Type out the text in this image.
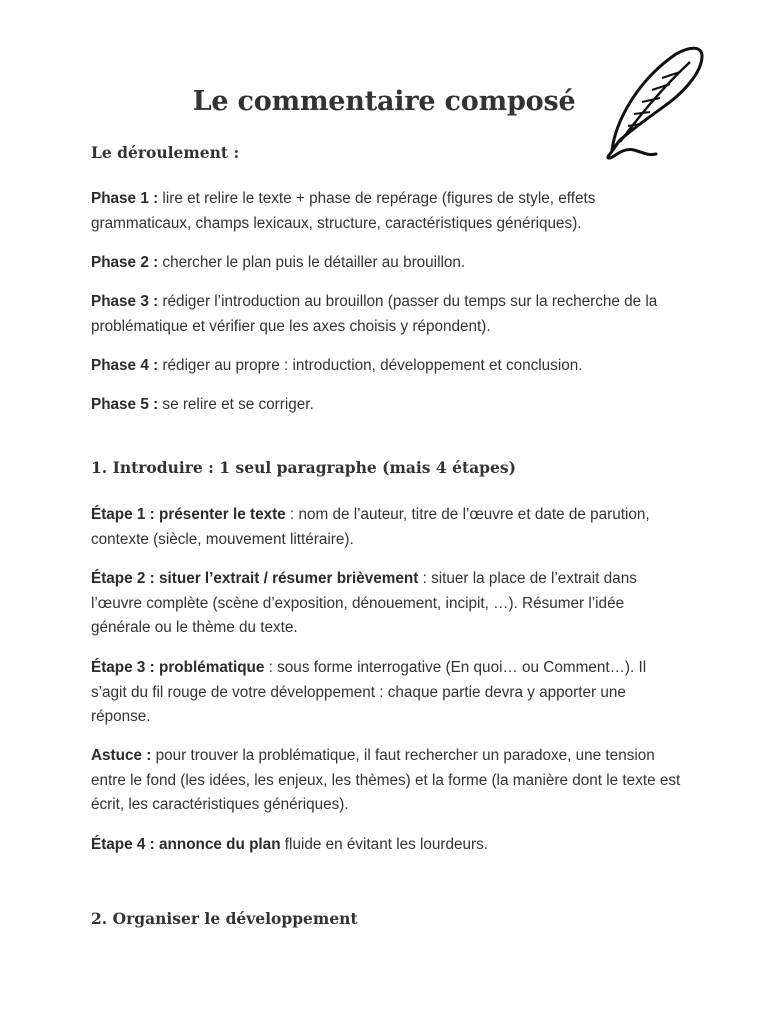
Le commentaire composé
Le déroulement :
Phase 1 : lire et relire le texte + phase de repérage (figures de style, effets grammaticaux, champs lexicaux, structure, caractéristiques génériques).
Phase 2 : chercher le plan puis le détailler au brouillon.
Phase 3 : rédiger l’introduction au brouillon (passer du temps sur la recherche de la problématique et vérifier que les axes choisis y répondent).
Phase 4 : rédiger au propre : introduction, développement et conclusion.
Phase 5 : se relire et se corriger.
1. Introduire : 1 seul paragraphe (mais 4 étapes)
Étape 1 : présenter le texte : nom de l’auteur, titre de l’œuvre et date de parution, contexte (siècle, mouvement littéraire).
Étape 2 : situer l’extrait / résumer brièvement : situer la place de l’extrait dans l’œuvre complète (scène d’exposition, dénouement, incipit, …). Résumer l’idée générale ou le thème du texte.
Étape 3 : problématique : sous forme interrogative (En quoi… ou Comment…). Il s’agit du fil rouge de votre développement : chaque partie devra y apporter une réponse.
Astuce : pour trouver la problématique, il faut rechercher un paradoxe, une tension entre le fond (les idées, les enjeux, les thèmes) et la forme (la manière dont le texte est écrit, les caractéristiques génériques).
Étape 4 : annonce du plan fluide en évitant les lourdeurs.
2. Organiser le développement
